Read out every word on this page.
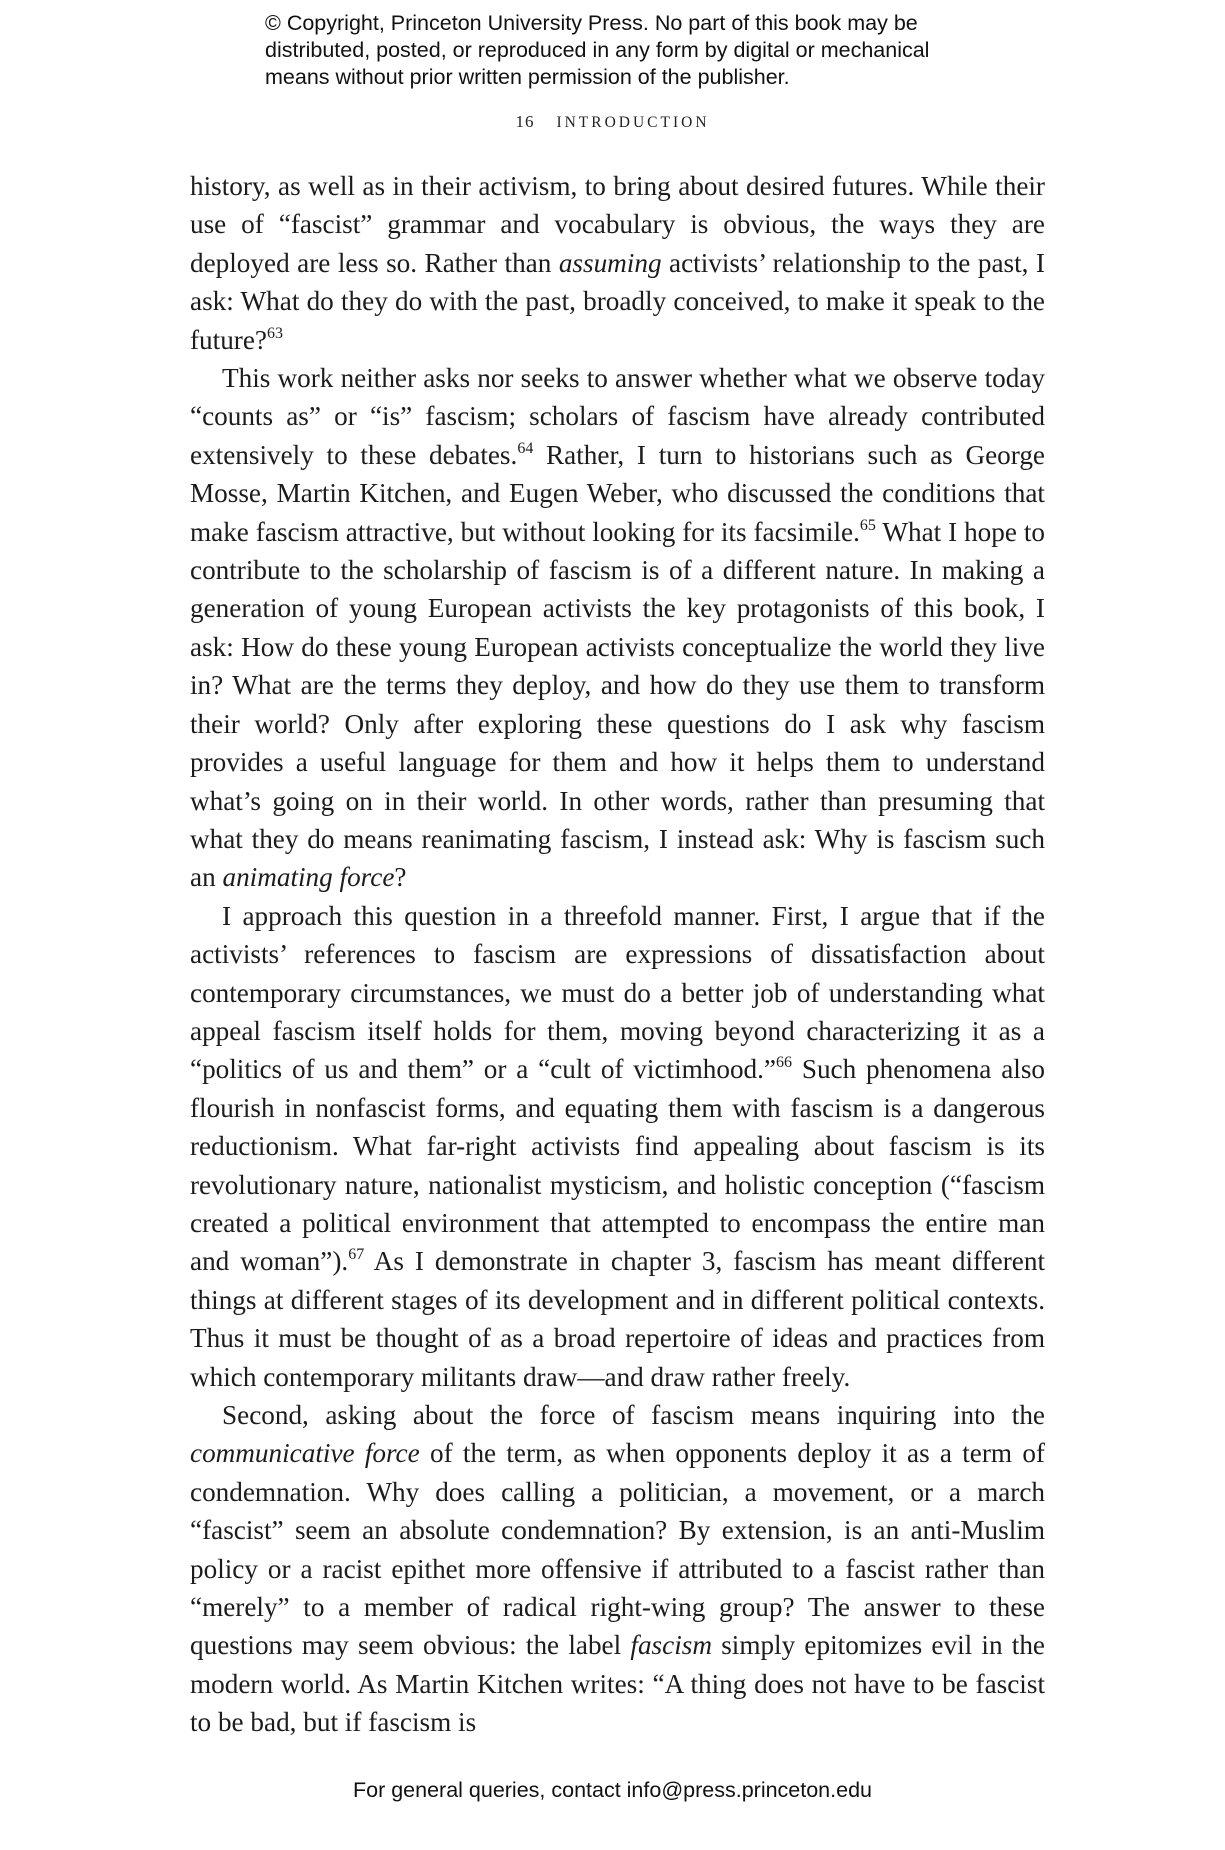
© Copyright, Princeton University Press. No part of this book may be
distributed, posted, or reproduced in any form by digital or mechanical
means without prior written permission of the publisher.
16 INTRODUCTION

history, as well as in their activism, to bring about desired futures. While their use of “fascist” grammar and vocabulary is obvious, the ways they are deployed are less so. Rather than assuming activists’ relationship to the past, I ask: What do they do with the past, broadly conceived, to make it speak to the future?$^{63}$

This work neither asks nor seeks to answer whether what we observe today “counts as” or “is” fascism; scholars of fascism have already contributed extensively to these debates.$^{64}$ Rather, I turn to historians such as George Mosse, Martin Kitchen, and Eugen Weber, who discussed the conditions that make fascism attractive, but without looking for its facsimile.$^{65}$ What I hope to contribute to the scholarship of fascism is of a different nature. In making a generation of young European activists the key protagonists of this book, I ask: How do these young European activists conceptualize the world they live in? What are the terms they deploy, and how do they use them to transform their world? Only after exploring these questions do I ask why fascism provides a useful language for them and how it helps them to understand what’s going on in their world. In other words, rather than presuming that what they do means reanimating fascism, I instead ask: Why is fascism such an animating force?

I approach this question in a threefold manner. First, I argue that if the activists’ references to fascism are expressions of dissatisfaction about contemporary circumstances, we must do a better job of understanding what appeal fascism itself holds for them, moving beyond characterizing it as a “politics of us and them” or a “cult of victimhood.”$^{66}$ Such phenomena also flourish in nonfascist forms, and equating them with fascism is a dangerous reductionism. What far-right activists find appealing about fascism is its revolutionary nature, nationalist mysticism, and holistic conception (“fascism created a political environment that attempted to encompass the entire man and woman”).$^{67}$ As I demonstrate in chapter 3, fascism has meant different things at different stages of its development and in different political contexts. Thus it must be thought of as a broad repertoire of ideas and practices from which contemporary militants draw—and draw rather freely.

Second, asking about the force of fascism means inquiring into the communicative force of the term, as when opponents deploy it as a term of condemnation. Why does calling a politician, a movement, or a march “fascist” seem an absolute condemnation? By extension, is an anti-Muslim policy or a racist epithet more offensive if attributed to a fascist rather than “merely” to a member of radical right-wing group? The answer to these questions may seem obvious: the label fascism simply epitomizes evil in the modern world. As Martin Kitchen writes: “A thing does not have to be fascist to be bad, but if fascism is

For general queries, contact info@press.princeton.edu
